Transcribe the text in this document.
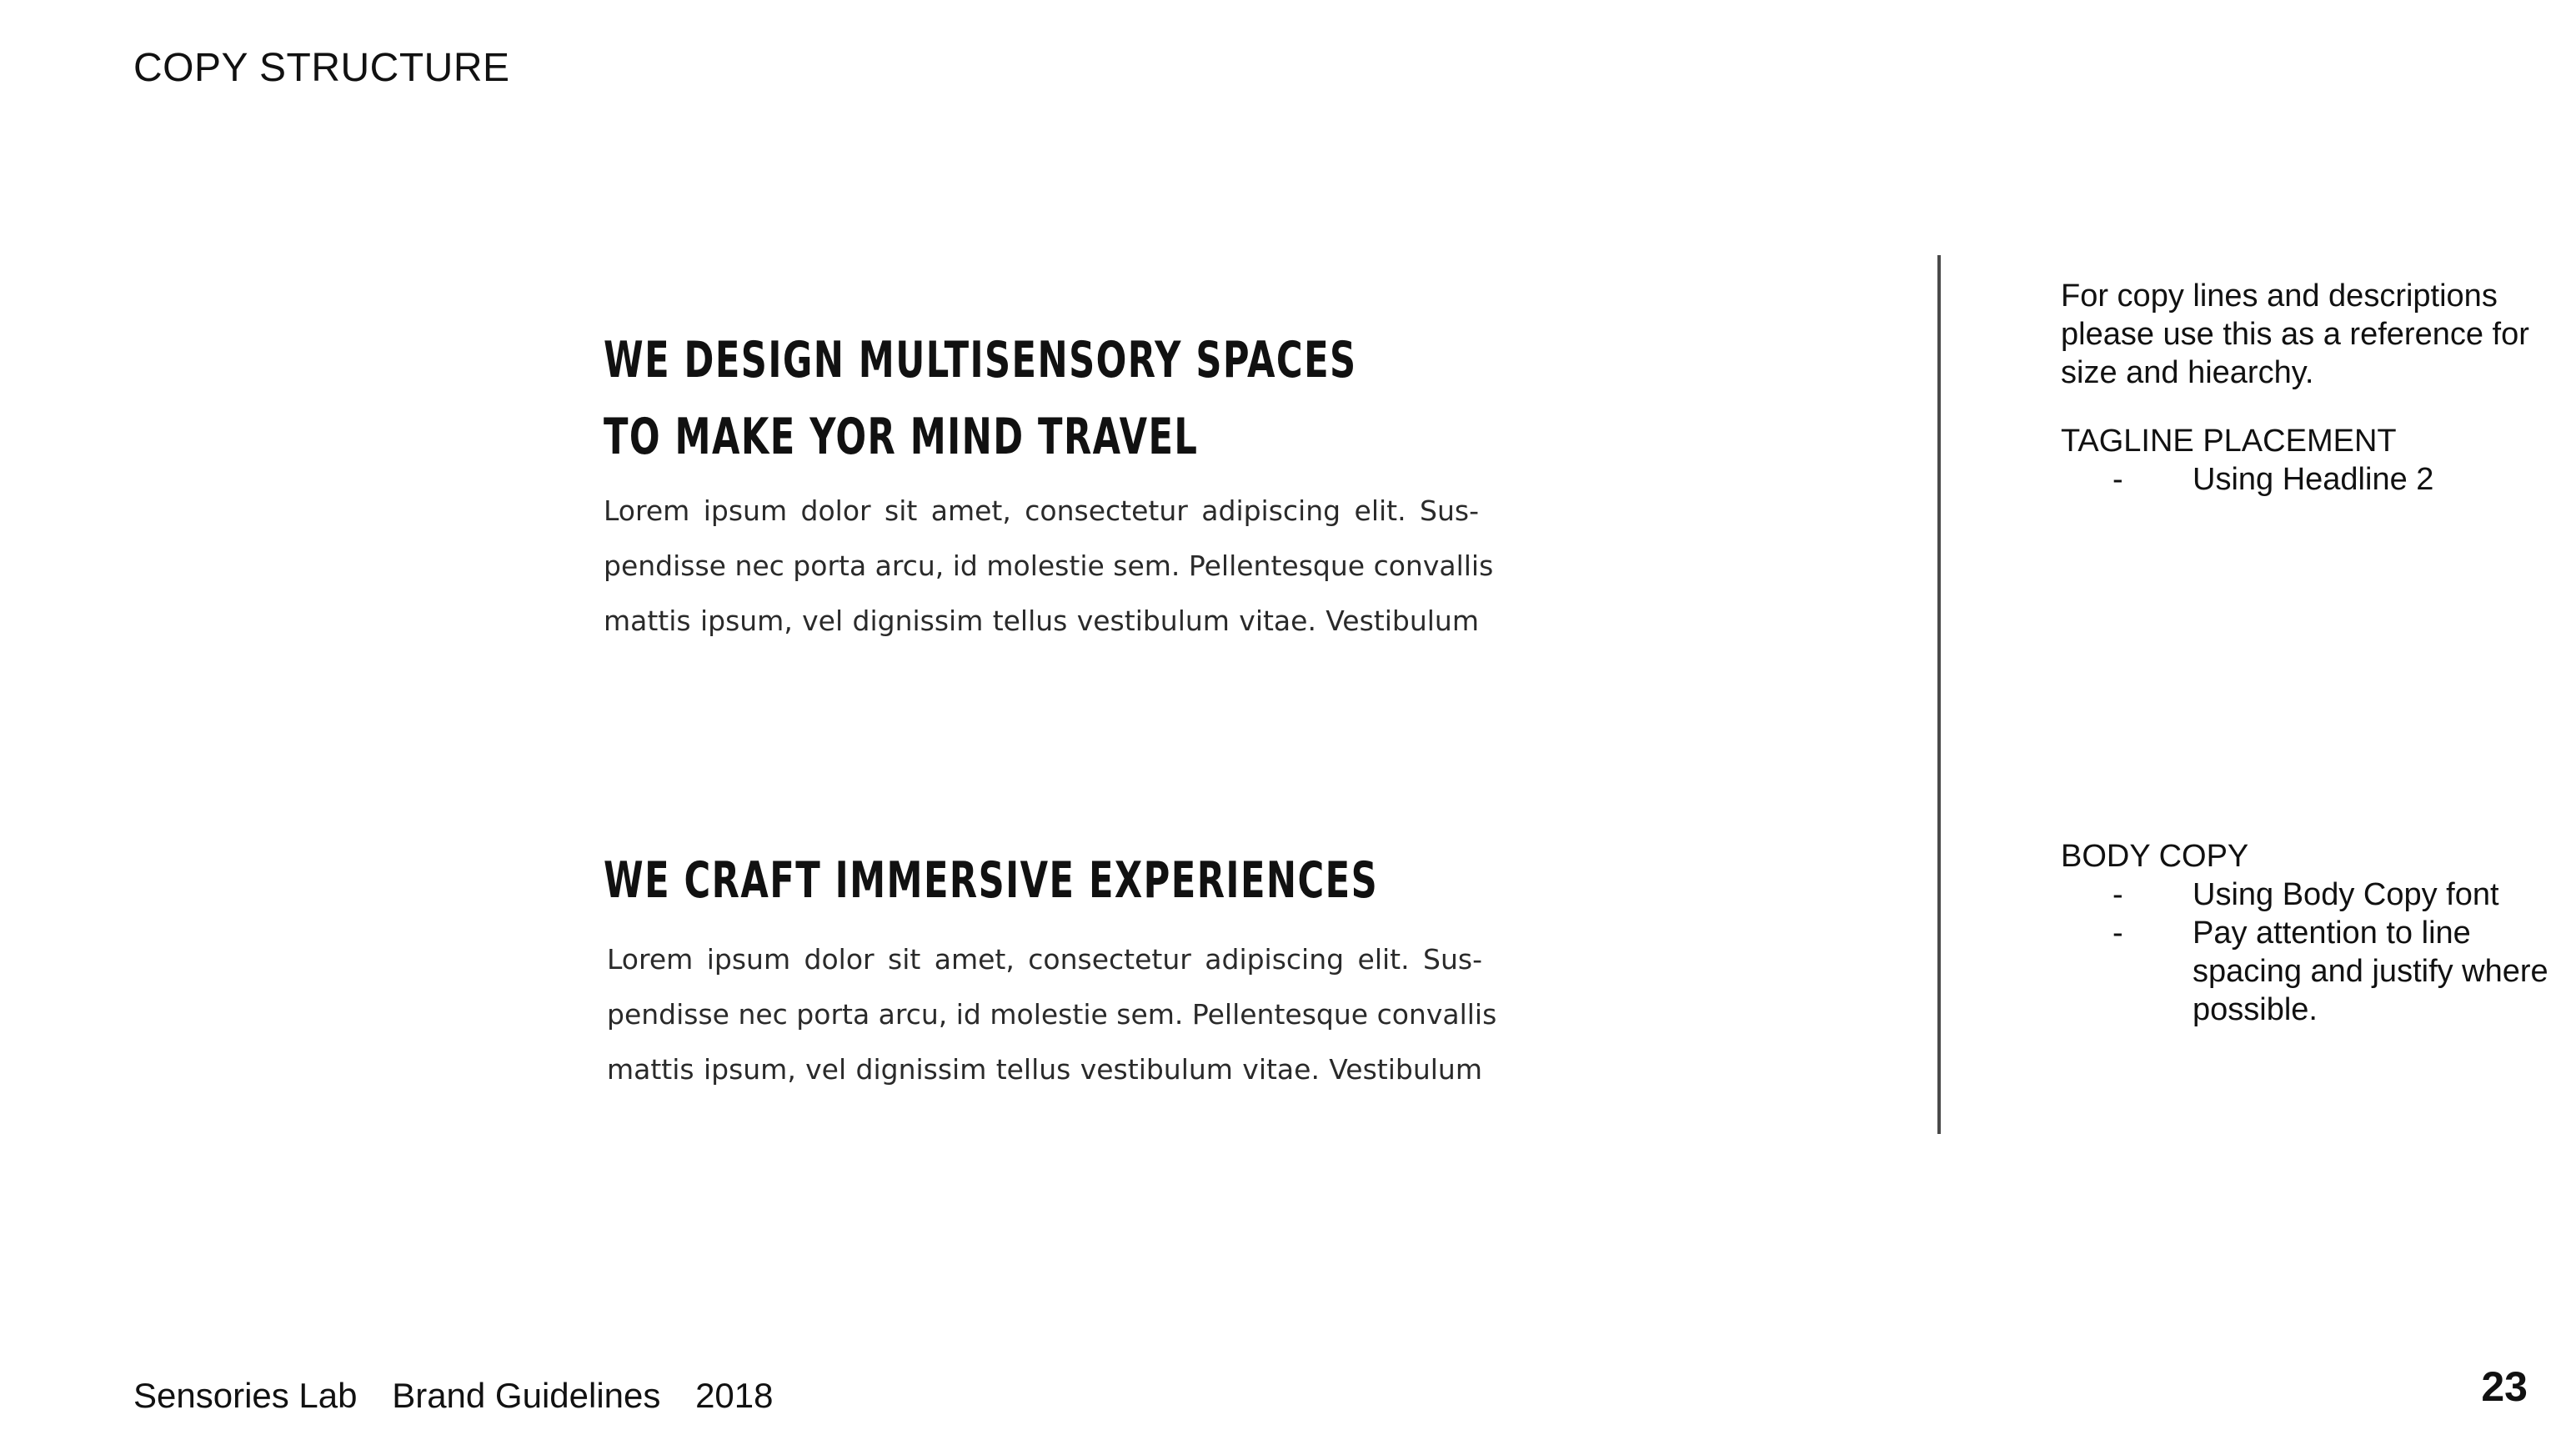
COPY STRUCTURE
WE DESIGN MULTISENSORY SPACES
TO MAKE YOR MIND TRAVEL
Lorem ipsum dolor sit amet, consectetur adipiscing elit. Sus-
pendisse nec porta arcu, id molestie sem. Pellentesque convallis
mattis ipsum, vel dignissim tellus vestibulum vitae. Vestibulum
WE CRAFT IMMERSIVE EXPERIENCES
Lorem ipsum dolor sit amet, consectetur adipiscing elit. Sus-
pendisse nec porta arcu, id molestie sem. Pellentesque convallis
mattis ipsum, vel dignissim tellus vestibulum vitae. Vestibulum

For copy lines and descriptions please use this as a reference for size and hiearchy.

TAGLINE PLACEMENT

- Using Headline 2

BODY COPY

- Using Body Copy font
- Pay attention to line spacing and justify where possible.
Sensories Lab Brand Guidelines 2018	23
